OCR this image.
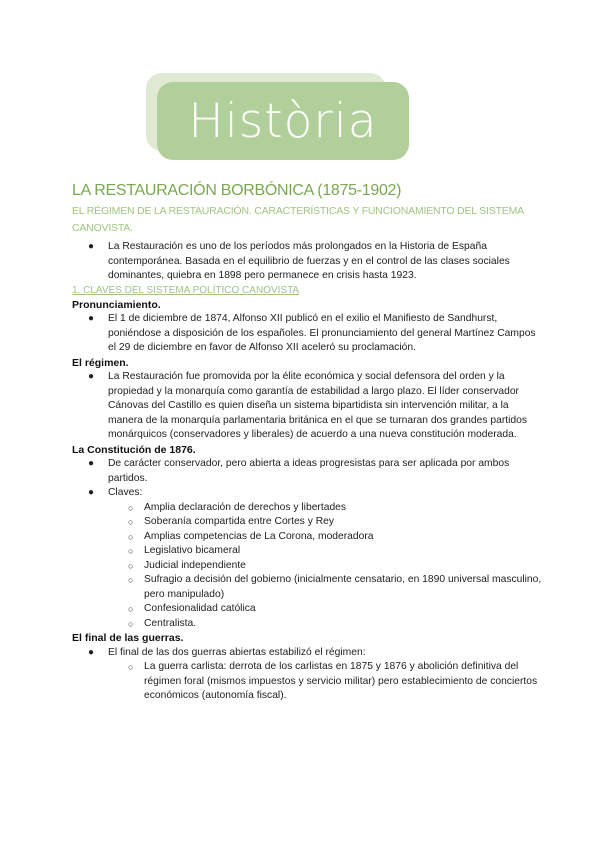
Històri​a

LA RESTAURACIÓN BORBÓNICA (1875-1902)

EL RÉGIMEN DE LA RESTAURACIÓN. CARACTERÍSTICAS Y FUNCIONAMIENTO DEL SISTEMA CANOVISTA.

● La Restauración es uno de los períodos más prolongados en la Historia de España contemporánea. Basada en el equilibrio de fuerzas y en el control de las clases sociales dominantes, quiebra en 1898 pero permanece en crisis hasta 1923.

1. CLAVES DEL SISTEMA POLÍTICO CANOVISTA

Pronunciamiento.

● El 1 de diciembre de 1874, Alfonso XII publicó en el exilio el Manifiesto de Sandhurst, poniéndose a disposición de los españoles. El pronunciamiento del general Martínez Campos el 29 de diciembre en favor de Alfonso XII aceleró su proclamación.

El régimen.

● La Restauración fue promovida por la élite económica y social defensora del orden y la propiedad y la monarquía como garantía de estabilidad a largo plazo. El líder conservador Cánovas del Castillo es quien diseña un sistema bipartidista sin intervención militar, a la manera de la monarquía parlamentaria británica en el que se turnaran dos grandes partidos monárquicos (conservadores y liberales) de acuerdo a una nueva constitución moderada.

La Constitución de 1876.

● De carácter conservador, pero abierta a ideas progresistas para ser aplicada por ambos partidos.
● Claves:
○ Amplia declaración de derechos y libertades
○ Soberanía compartida entre Cortes y Rey
○ Amplias competencias de La Corona, moderadora
○ Legislativo bicameral
○ Judicial independiente
○ Sufragio a decisión del gobierno (inicialmente censatario, en 1890 universal masculino, pero manipulado)
○ Confesionalidad católica
○ Centralista.

El final de las guerras.

● El final de las dos guerras abiertas estabilizó el régimen:
○ La guerra carlista: derrota de los carlistas en 1875 y 1876 y abolición definitiva del régimen foral (mismos impuestos y servicio militar) pero establecimiento de conciertos económicos (autonomía fiscal).
